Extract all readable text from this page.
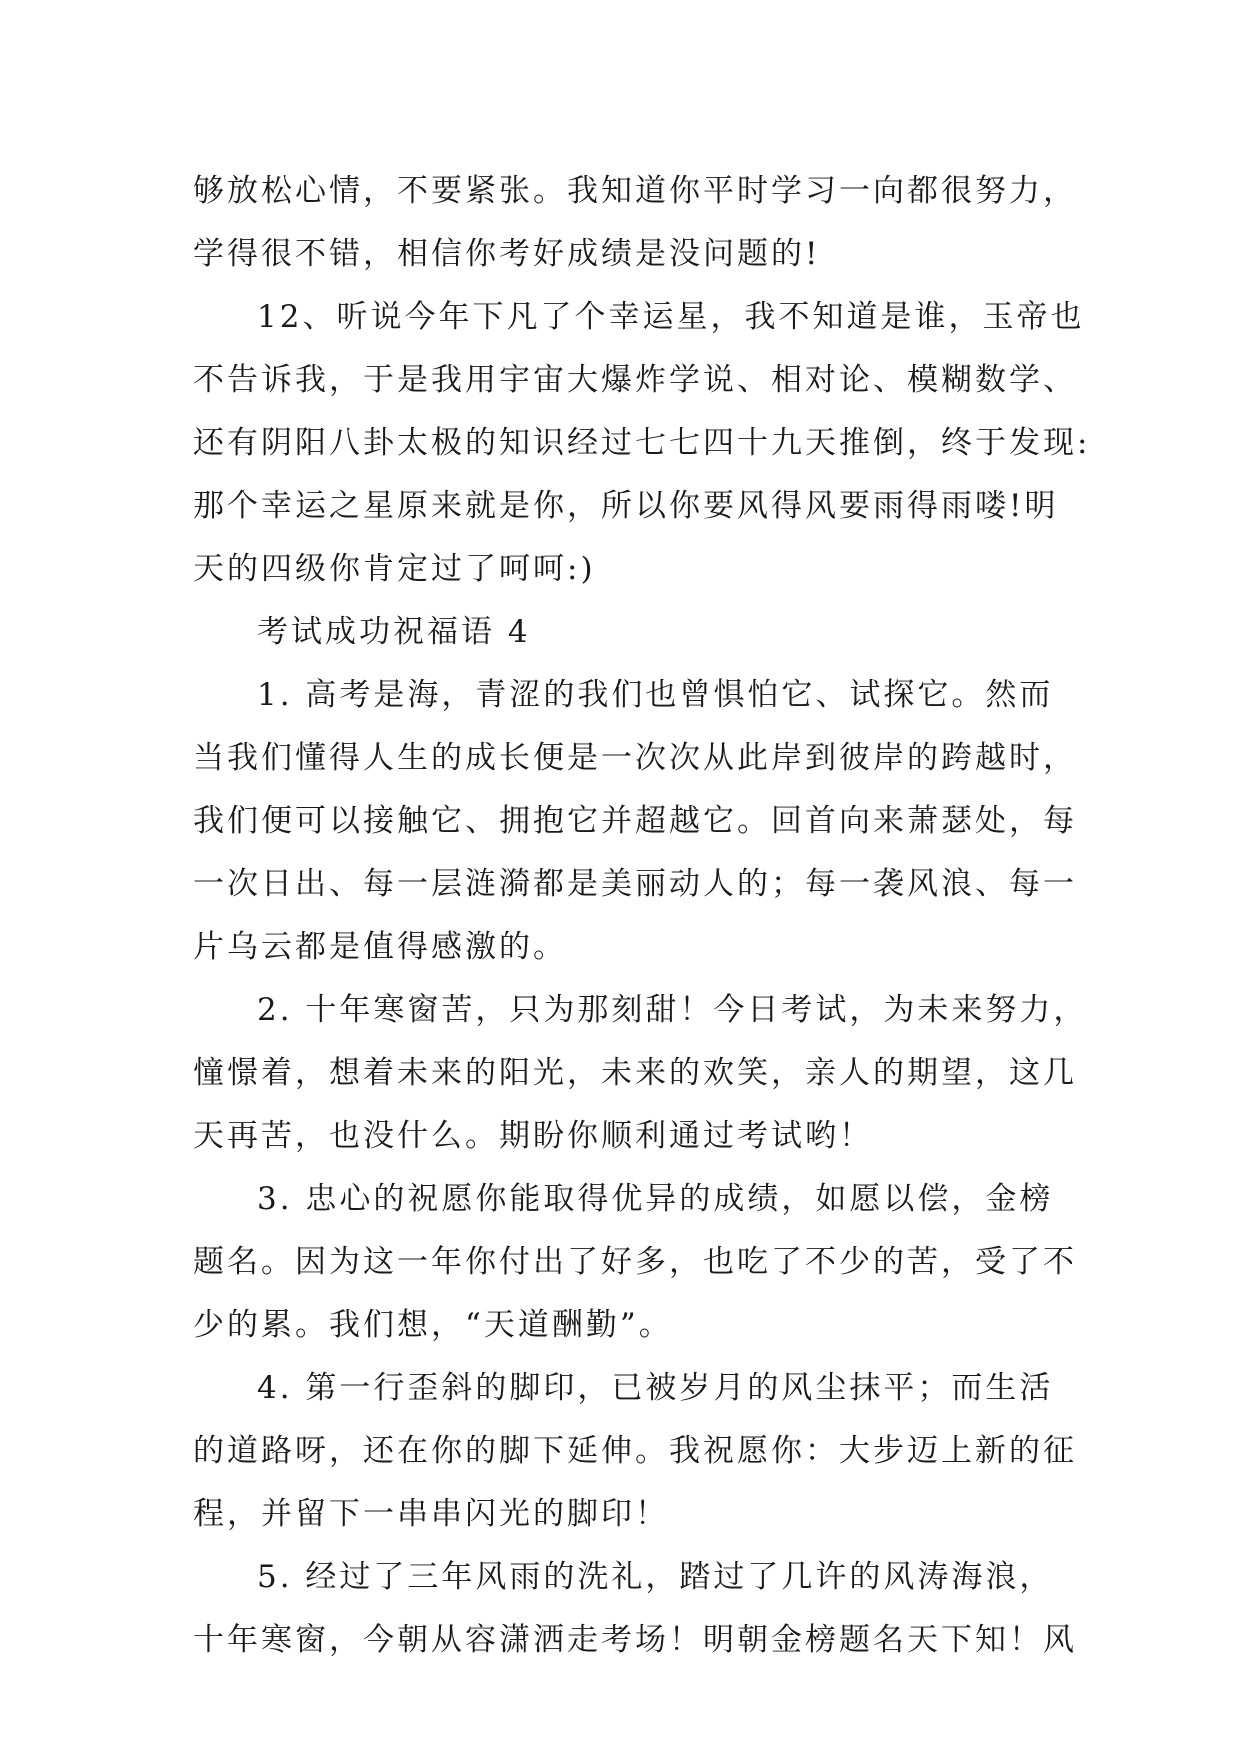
够放松心情，不要紧张。我知道你平时学习一向都很努力，
学得很不错，相信你考好成绩是没问题的!
12、听说今年下凡了个幸运星，我不知道是谁，玉帝也
不告诉我，于是我用宇宙大爆炸学说、相对论、模糊数学、
还有阴阳八卦太极的知识经过七七四十九天推倒，终于发现:
那个幸运之星原来就是你，所以你要风得风要雨得雨喽!明
天的四级你肯定过了呵呵:)
考试成功祝福语 4
1. 高考是海，青涩的我们也曾惧怕它、试探它。然而
当我们懂得人生的成长便是一次次从此岸到彼岸的跨越时，
我们便可以接触它、拥抱它并超越它。回首向来萧瑟处，每
一次日出、每一层涟漪都是美丽动人的；每一袭风浪、每一
片乌云都是值得感激的。
2. 十年寒窗苦，只为那刻甜！今日考试，为未来努力，
憧憬着，想着未来的阳光，未来的欢笑，亲人的期望，这几
天再苦，也没什么。期盼你顺利通过考试哟！
3. 忠心的祝愿你能取得优异的成绩，如愿以偿，金榜
题名。因为这一年你付出了好多，也吃了不少的苦，受了不
少的累。我们想，“天道酬勤”。
4. 第一行歪斜的脚印，已被岁月的风尘抹平；而生活
的道路呀，还在你的脚下延伸。我祝愿你：大步迈上新的征
程，并留下一串串闪光的脚印！
5. 经过了三年风雨的洗礼，踏过了几许的风涛海浪，
十年寒窗，今朝从容潇洒走考场！明朝金榜题名天下知！风
